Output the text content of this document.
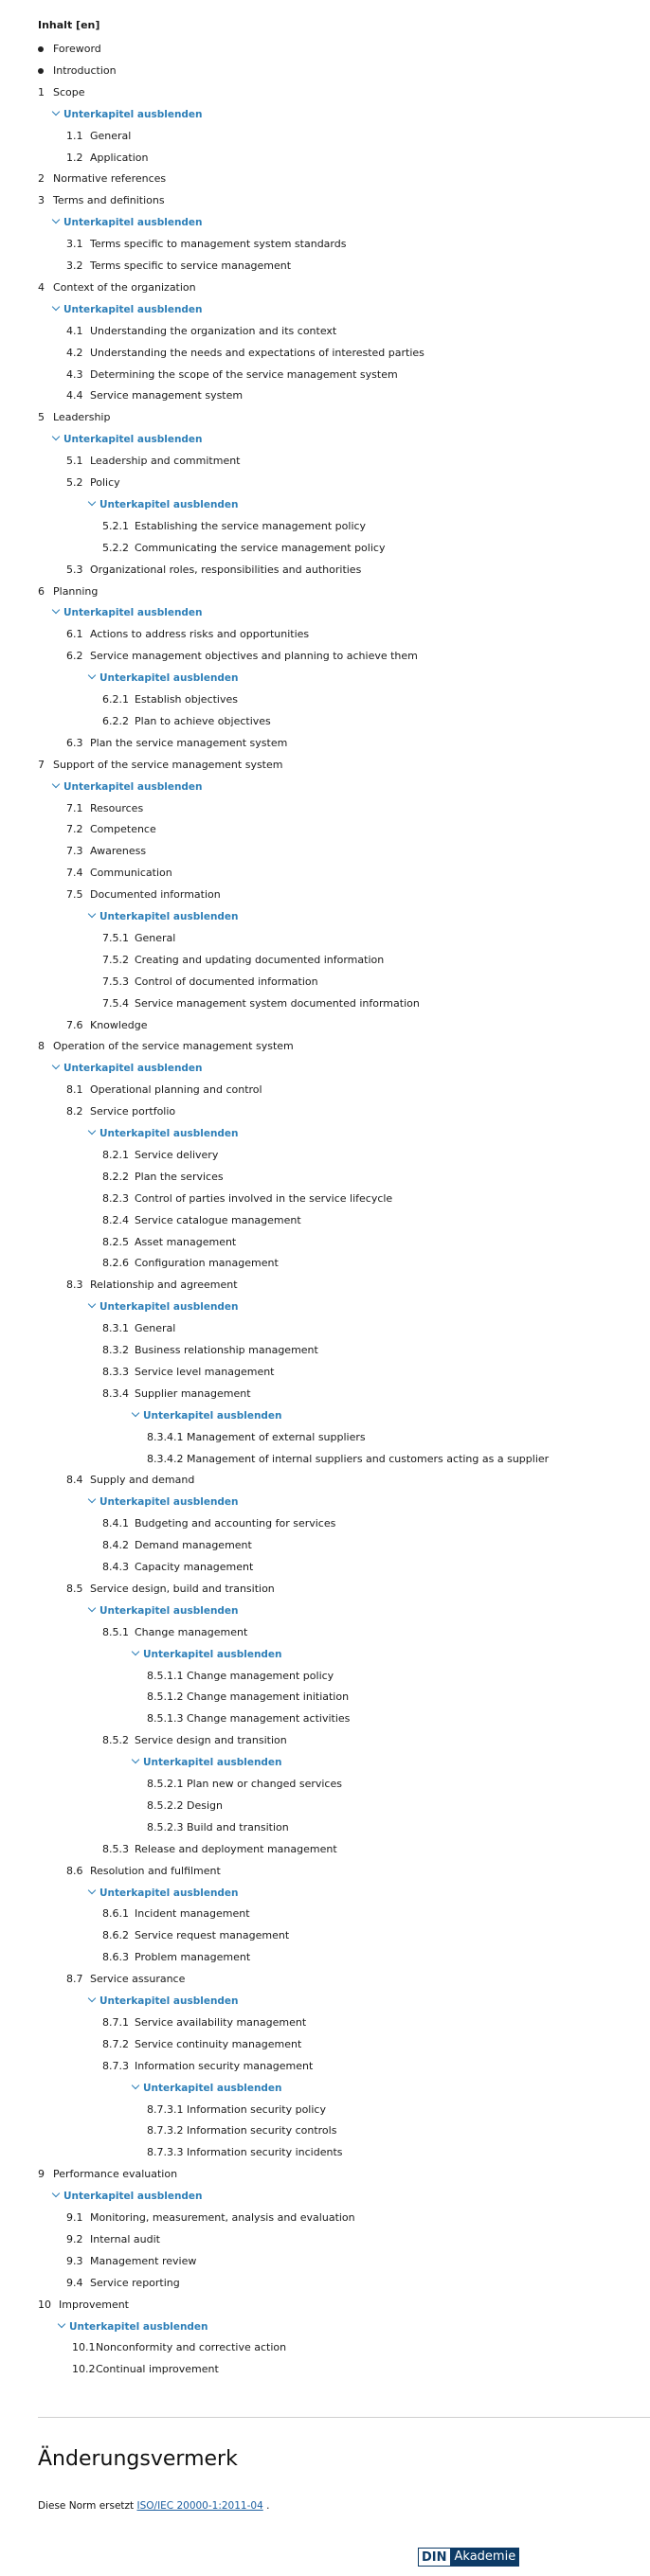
Inhalt [en]
Foreword
Introduction
1 Scope
Unterkapitel ausblenden
1.1 General
1.2 Application
2 Normative references
3 Terms and definitions
Unterkapitel ausblenden
3.1 Terms specific to management system standards
3.2 Terms specific to service management
4 Context of the organization
Unterkapitel ausblenden
4.1 Understanding the organization and its context
4.2 Understanding the needs and expectations of interested parties
4.3 Determining the scope of the service management system
4.4 Service management system
5 Leadership
Unterkapitel ausblenden
5.1 Leadership and commitment
5.2 Policy
Unterkapitel ausblenden
5.2.1 Establishing the service management policy
5.2.2 Communicating the service management policy
5.3 Organizational roles, responsibilities and authorities
6 Planning
Unterkapitel ausblenden
6.1 Actions to address risks and opportunities
6.2 Service management objectives and planning to achieve them
Unterkapitel ausblenden
6.2.1 Establish objectives
6.2.2 Plan to achieve objectives
6.3 Plan the service management system
7 Support of the service management system
Unterkapitel ausblenden
7.1 Resources
7.2 Competence
7.3 Awareness
7.4 Communication
7.5 Documented information
Unterkapitel ausblenden
7.5.1 General
7.5.2 Creating and updating documented information
7.5.3 Control of documented information
7.5.4 Service management system documented information
7.6 Knowledge
8 Operation of the service management system
Unterkapitel ausblenden
8.1 Operational planning and control
8.2 Service portfolio
Unterkapitel ausblenden
8.2.1 Service delivery
8.2.2 Plan the services
8.2.3 Control of parties involved in the service lifecycle
8.2.4 Service catalogue management
8.2.5 Asset management
8.2.6 Configuration management
8.3 Relationship and agreement
Unterkapitel ausblenden
8.3.1 General
8.3.2 Business relationship management
8.3.3 Service level management
8.3.4 Supplier management
Unterkapitel ausblenden
8.3.4.1 Management of external suppliers
8.3.4.2 Management of internal suppliers and customers acting as a supplier
8.4 Supply and demand
Unterkapitel ausblenden
8.4.1 Budgeting and accounting for services
8.4.2 Demand management
8.4.3 Capacity management
8.5 Service design, build and transition
Unterkapitel ausblenden
8.5.1 Change management
Unterkapitel ausblenden
8.5.1.1 Change management policy
8.5.1.2 Change management initiation
8.5.1.3 Change management activities
8.5.2 Service design and transition
Unterkapitel ausblenden
8.5.2.1 Plan new or changed services
8.5.2.2 Design
8.5.2.3 Build and transition
8.5.3 Release and deployment management
8.6 Resolution and fulfilment
Unterkapitel ausblenden
8.6.1 Incident management
8.6.2 Service request management
8.6.3 Problem management
8.7 Service assurance
Unterkapitel ausblenden
8.7.1 Service availability management
8.7.2 Service continuity management
8.7.3 Information security management
Unterkapitel ausblenden
8.7.3.1 Information security policy
8.7.3.2 Information security controls
8.7.3.3 Information security incidents
9 Performance evaluation
Unterkapitel ausblenden
9.1 Monitoring, measurement, analysis and evaluation
9.2 Internal audit
9.3 Management review
9.4 Service reporting
10 Improvement
Unterkapitel ausblenden
10.1 Nonconformity and corrective action
10.2 Continual improvement
Änderungsvermerk
Diese Norm ersetzt ISO/IEC 20000-1:2011-04 .
DIN Akademie
